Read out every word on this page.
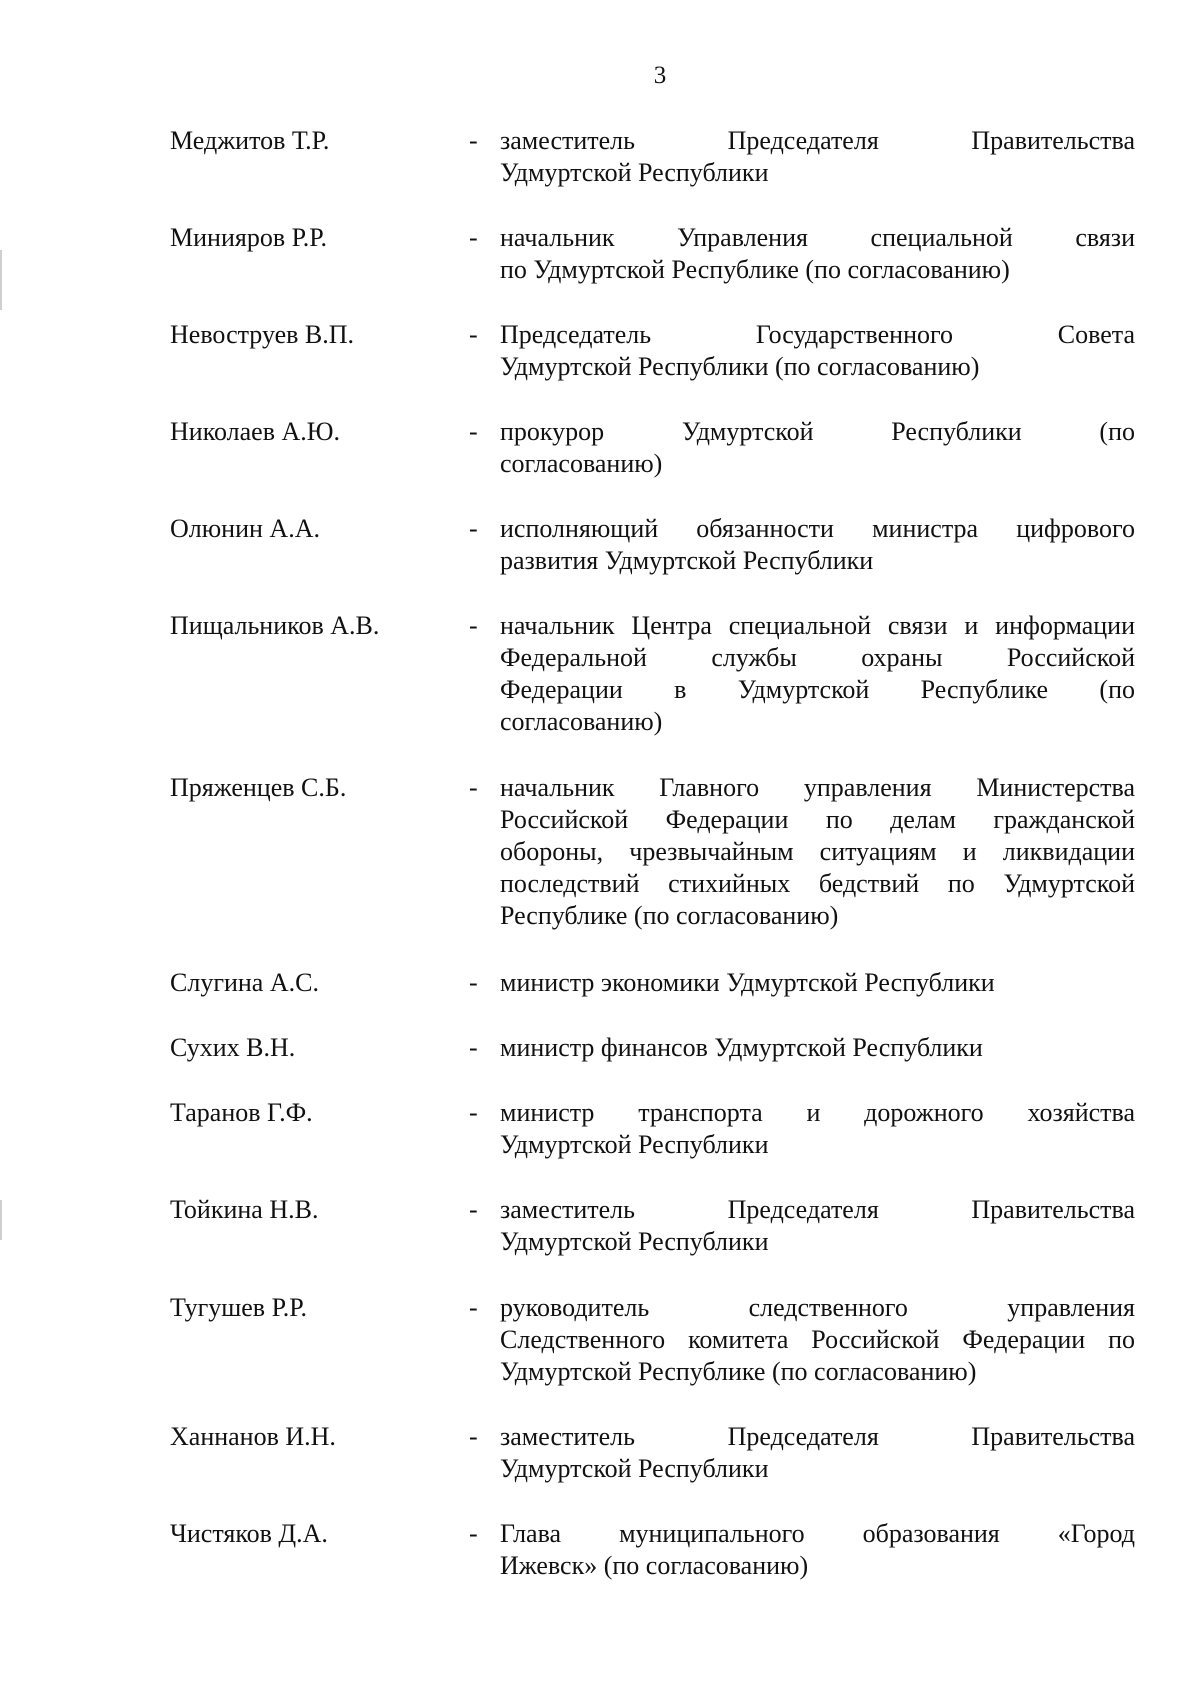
3
Меджитов Т.Р.	- заместитель Председателя Правительства
Удмуртской Республики
Минияров Р.Р.	- начальник Управления специальной связи
по Удмуртской Республике (по согласованию)
Невоструев В.П.	- Председатель Государственного Совета
Удмуртской Республики (по согласованию)
Николаев А.Ю.	- прокурор Удмуртской Республики (по
согласованию)
Олюнин А.А.	- исполняющий обязанности министра цифрового
развития Удмуртской Республики
Пищальников А.В.	- начальник Центра специальной связи и информации
Федеральной службы охраны Российской
Федерации в Удмуртской Республике (по
согласованию)
Пряженцев С.Б.	- начальник Главного управления Министерства
Российской Федерации по делам гражданской
обороны, чрезвычайным ситуациям и ликвидации
последствий стихийных бедствий по Удмуртской
Республике (по согласованию)
Слугина А.С.	- министр экономики Удмуртской Республики
Сухих В.Н.	- министр финансов Удмуртской Республики
Таранов Г.Ф.	- министр транспорта и дорожного хозяйства
Удмуртской Республики
Тойкина Н.В.	- заместитель Председателя Правительства
Удмуртской Республики
Тугушев Р.Р.	- руководитель следственного управления
Следственного комитета Российской Федерации по
Удмуртской Республике (по согласованию)
Ханнанов И.Н.	- заместитель Председателя Правительства
Удмуртской Республики
Чистяков Д.А.	- Глава муниципального образования «Город
Ижевск» (по согласованию)
